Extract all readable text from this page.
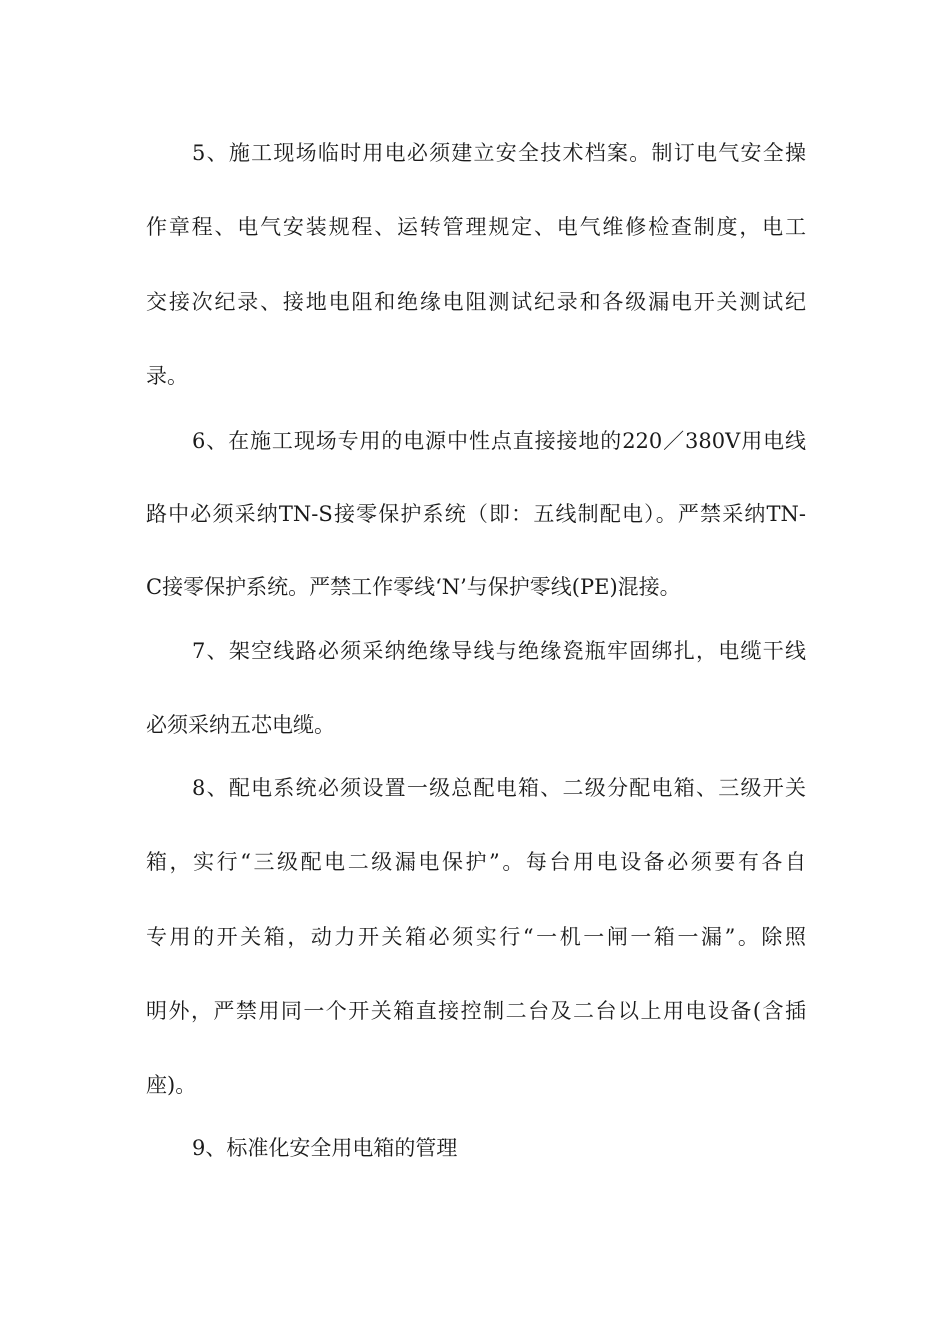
5、施工现场临时用电必须建立安全技术档案。制订电气安全操
作章程、电气安装规程、运转管理规定、电气维修检查制度，电工
交接次纪录、接地电阻和绝缘电阻测试纪录和各级漏电开关测试纪
录。
6、在施工现场专用的电源中性点直接接地的220／380V用电线
路中必须采纳TN-S接零保护系统（即：五线制配电）。严禁采纳TN-
C接零保护系统。严禁工作零线‘N’与保护零线(PE)混接。
7、架空线路必须采纳绝缘导线与绝缘瓷瓶牢固绑扎，电缆干线
必须采纳五芯电缆。
8、配电系统必须设置一级总配电箱、二级分配电箱、三级开关
箱，实行“三级配电二级漏电保护”。每台用电设备必须要有各自
专用的开关箱，动力开关箱必须实行“一机一闸一箱一漏”。除照
明外，严禁用同一个开关箱直接控制二台及二台以上用电设备(含插
座)。
9、标准化安全用电箱的管理
